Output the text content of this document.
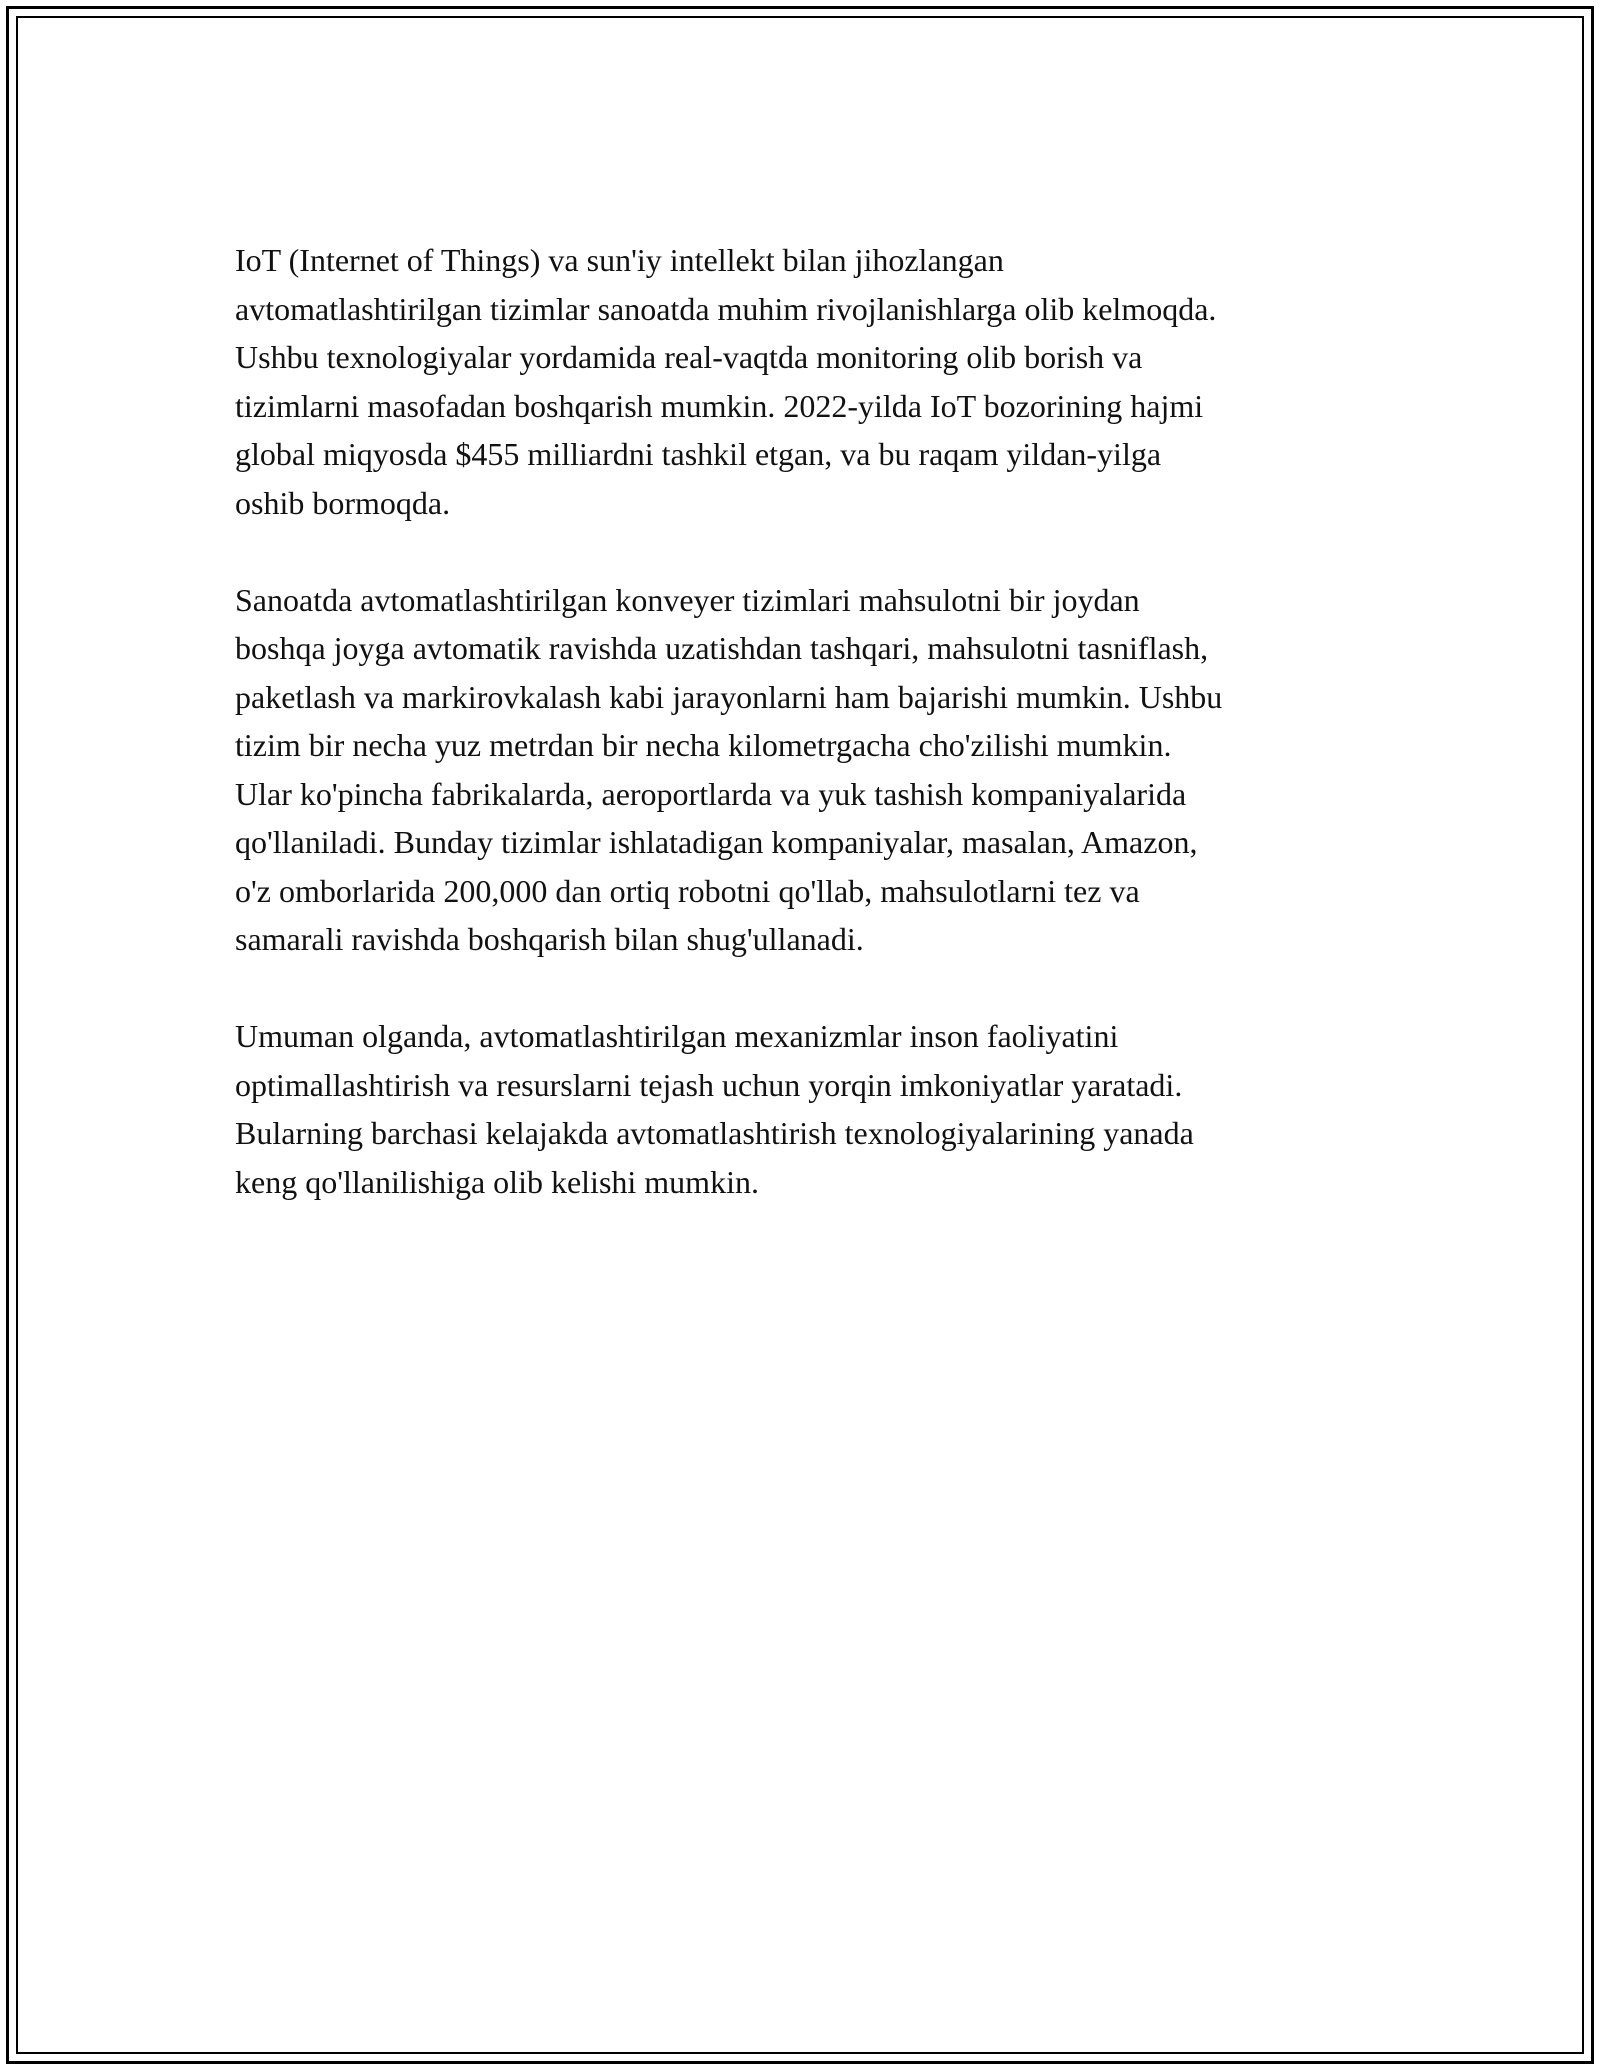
IoT (Internet of Things) va sun'iy intellekt bilan jihozlangan
avtomatlashtirilgan tizimlar sanoatda muhim rivojlanishlarga olib kelmoqda.
Ushbu texnologiyalar yordamida real-vaqtda monitoring olib borish va
tizimlarni masofadan boshqarish mumkin. 2022-yilda IoT bozorining hajmi
global miqyosda $455 milliardni tashkil etgan, va bu raqam yildan-yilga
oshib bormoqda.

Sanoatda avtomatlashtirilgan konveyer tizimlari mahsulotni bir joydan
boshqa joyga avtomatik ravishda uzatishdan tashqari, mahsulotni tasniflash,
paketlash va markirovkalash kabi jarayonlarni ham bajarishi mumkin. Ushbu
tizim bir necha yuz metrdan bir necha kilometrgacha cho'zilishi mumkin.
Ular ko'pincha fabrikalarda, aeroportlarda va yuk tashish kompaniyalarida
qo'llaniladi. Bunday tizimlar ishlatadigan kompaniyalar, masalan, Amazon,
o'z omborlarida 200,000 dan ortiq robotni qo'llab, mahsulotlarni tez va
samarali ravishda boshqarish bilan shug'ullanadi.

Umuman olganda, avtomatlashtirilgan mexanizmlar inson faoliyatini
optimallashtirish va resurslarni tejash uchun yorqin imkoniyatlar yaratadi.
Bularning barchasi kelajakda avtomatlashtirish texnologiyalarining yanada
keng qo'llanilishiga olib kelishi mumkin.
